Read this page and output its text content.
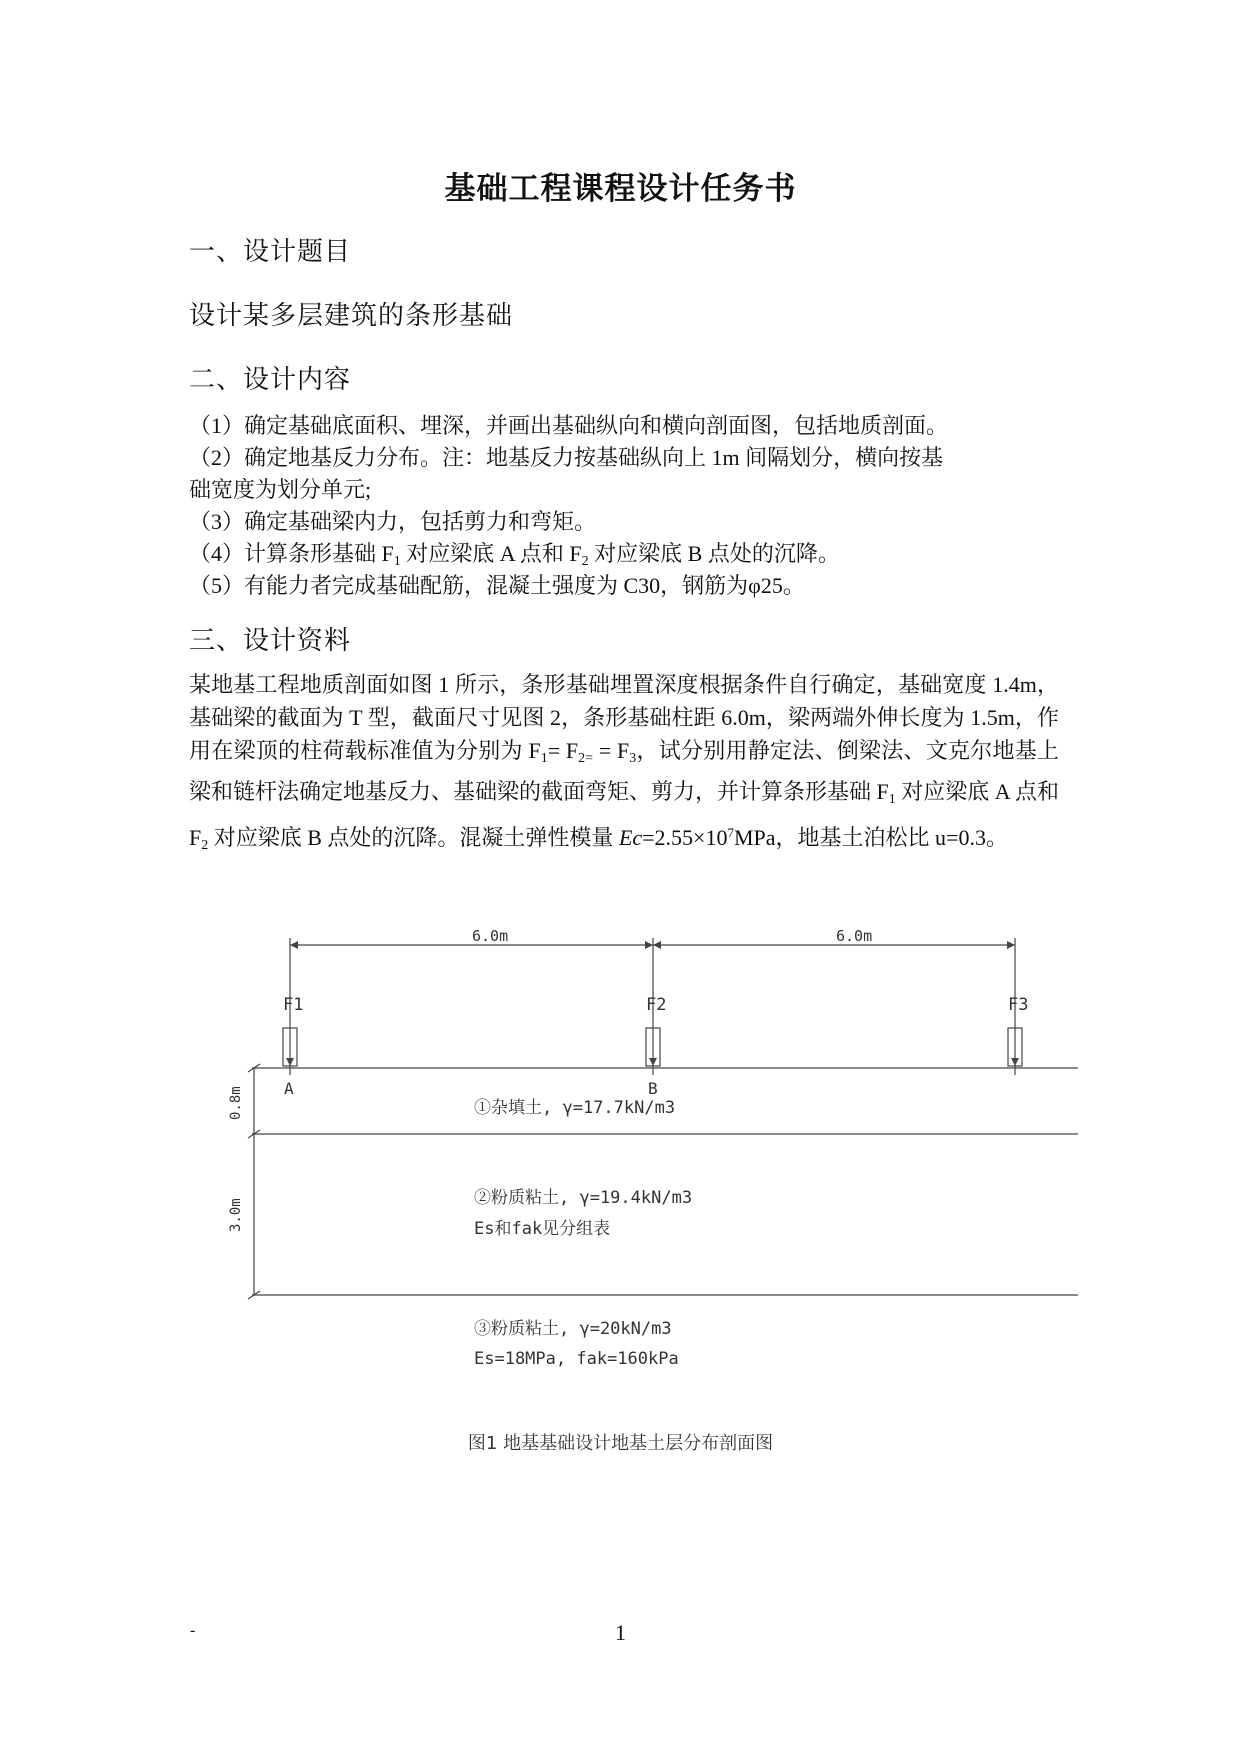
基础工程课程设计任务书
一、设计题目
设计某多层建筑的条形基础
二、设计内容
（1）确定基础底面积、埋深，并画出基础纵向和横向剖面图，包括地质剖面。
（2）确定地基反力分布。注：地基反力按基础纵向上 1m 间隔划分，横向按基
础宽度为划分单元;
（3）确定基础梁内力，包括剪力和弯矩。
（4）计算条形基础 $F_1$ 对应梁底 A 点和 $F_2$ 对应梁底 B 点处的沉降。
（5）有能力者完成基础配筋，混凝土强度为 C30，钢筋为φ25。
三、设计资料
某地基工程地质剖面如图 1 所示，条形基础埋置深度根据条件自行确定，基础宽度 1.4m，基础梁的截面为 T 型，截面尺寸见图 2，条形基础柱距 6.0m，梁两端外伸长度为 1.5m，作用在梁顶的柱荷载标准值为分别为 $F_1= F_{2=} = F_3$，试分别用静定法、倒梁法、文克尔地基上梁和链杆法确定地基反力、基础梁的截面弯矩、剪力，并计算条形基础 $F_1$ 对应梁底 A 点和 $F_2$ 对应梁底 B 点处的沉降。混凝土弹性模量 $Ec=2.55\times 10^7MPa$，地基土泊松比 u=0.3。
6.0m	6.0m
F1	F2	F3
A	B
0.8m
3.0m
①杂填土, γ=17.7kN/m3
②粉质粘土, γ=19.4kN/m3
Es和fak见分组表
③粉质粘土, γ=20kN/m3
Es=18MPa, fak=160kPa
图1 地基基础设计地基土层分布剖面图
-	1
